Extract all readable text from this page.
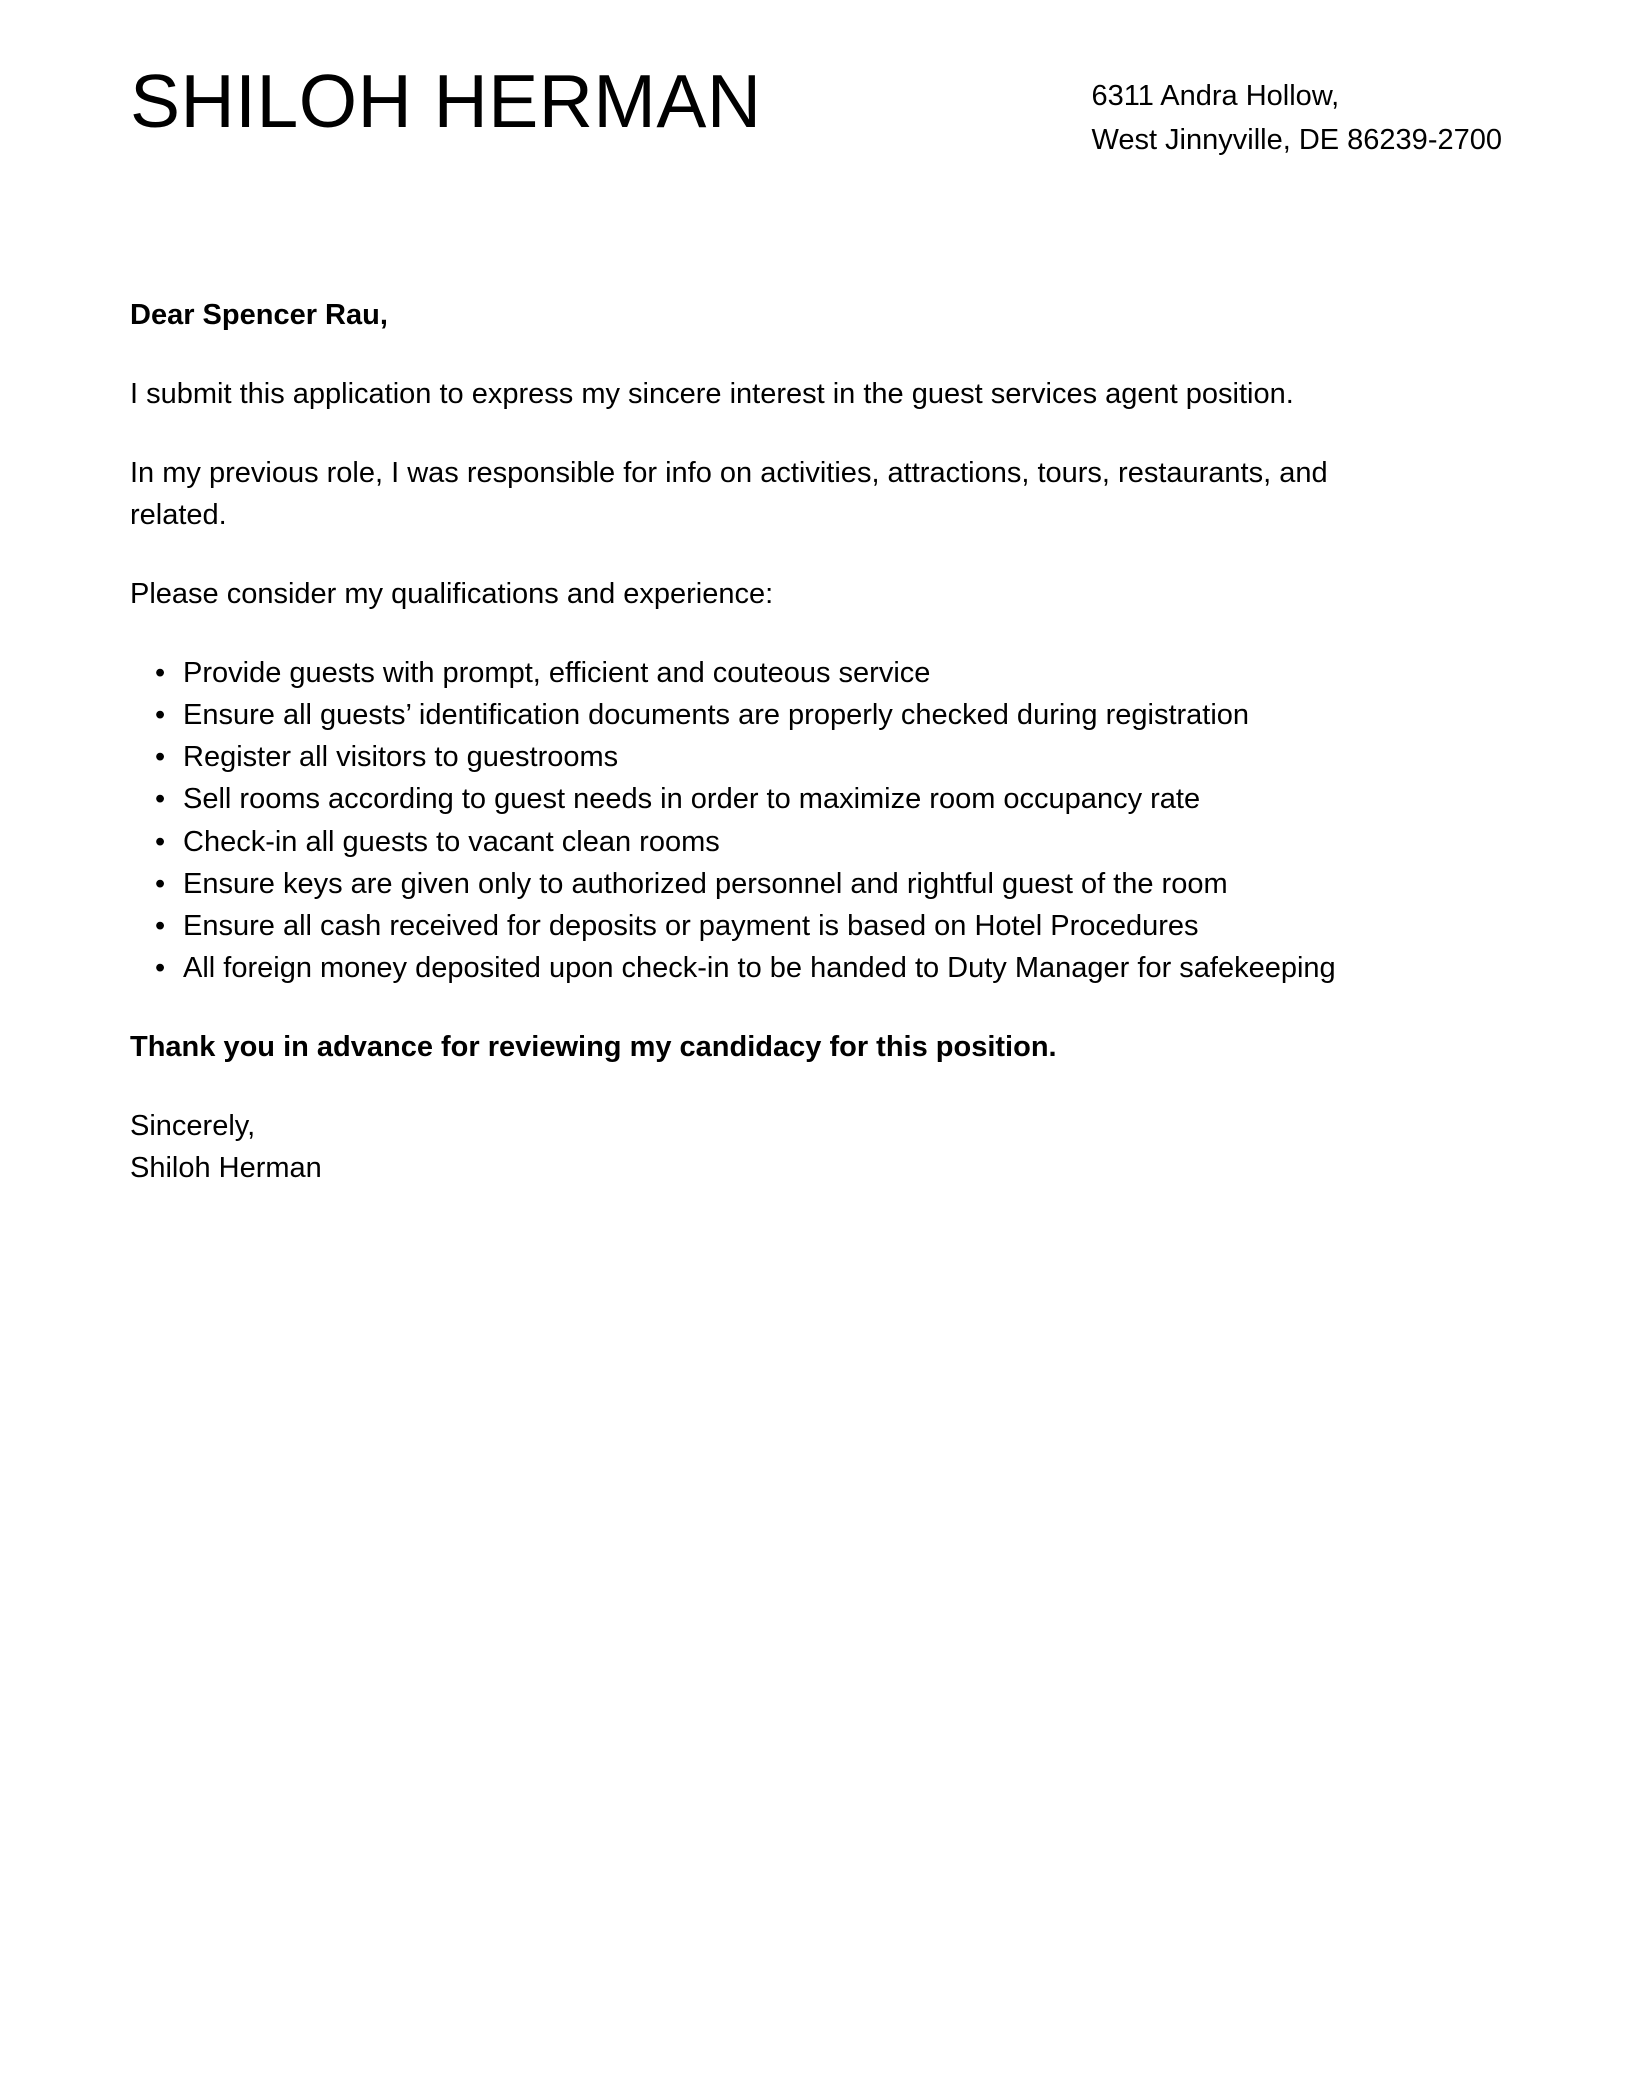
SHILOH HERMAN	6311 Andra Hollow,
West Jinnyville, DE 86239-2700

Dear Spencer Rau,

I submit this application to express my sincere interest in the guest services agent position.

In my previous role, I was responsible for info on activities, attractions, tours, restaurants, and related.

Please consider my qualifications and experience:

• Provide guests with prompt, efficient and couteous service
• Ensure all guests’ identification documents are properly checked during registration
• Register all visitors to guestrooms
• Sell rooms according to guest needs in order to maximize room occupancy rate
• Check-in all guests to vacant clean rooms
• Ensure keys are given only to authorized personnel and rightful guest of the room
• Ensure all cash received for deposits or payment is based on Hotel Procedures
• All foreign money deposited upon check-in to be handed to Duty Manager for safekeeping

Thank you in advance for reviewing my candidacy for this position.

Sincerely,
Shiloh Herman
